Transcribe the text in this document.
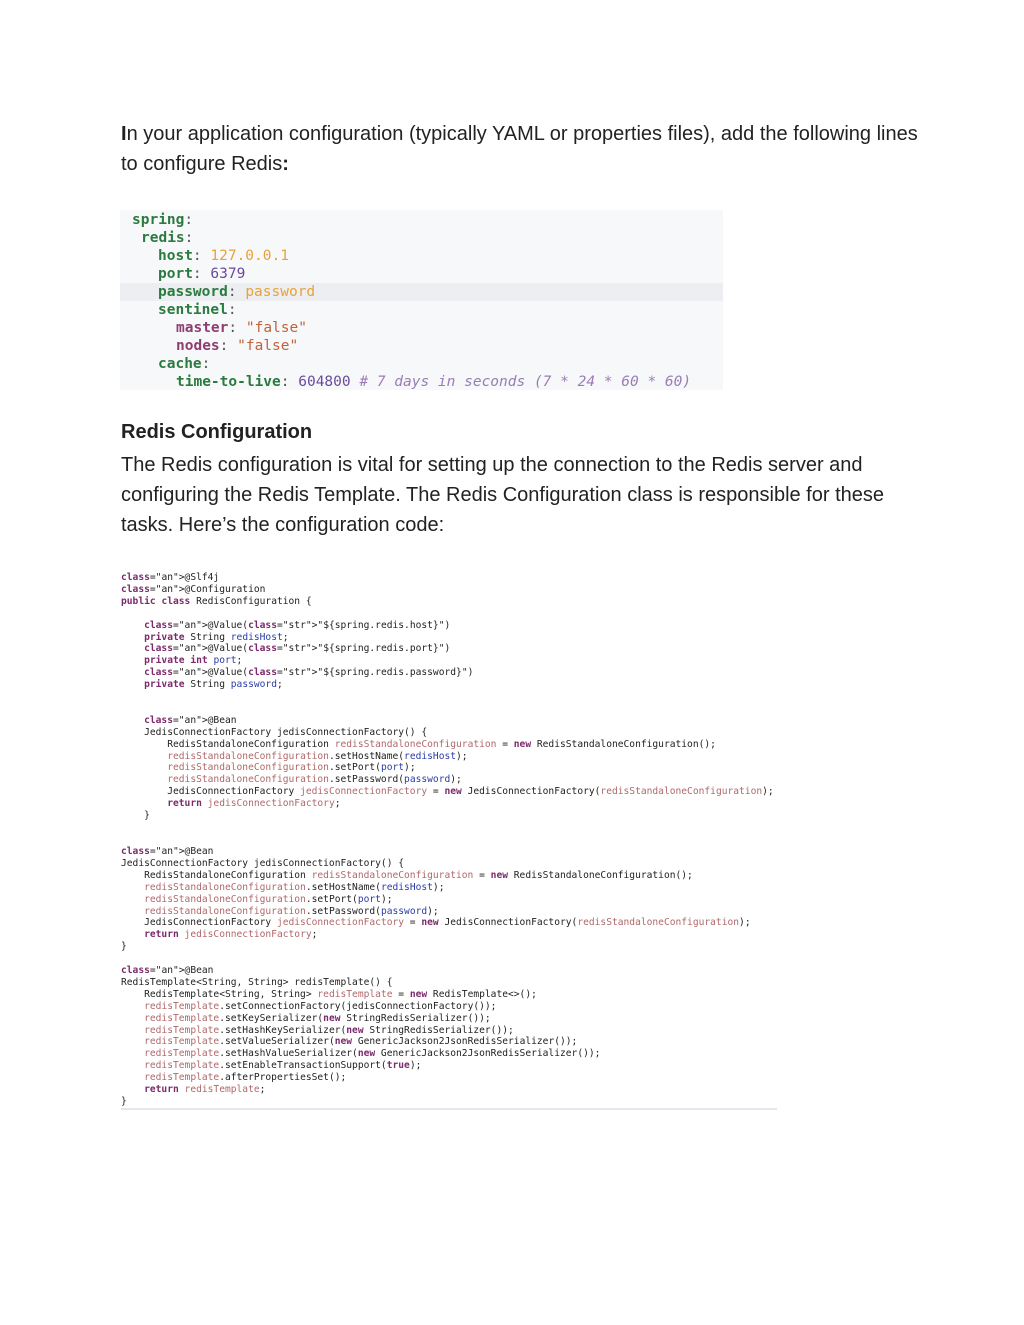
In your application configuration (typically YAML or properties files), add the following lines to configure Redis:
spring:
redis:
host: 127.0.0.1
port: 6379
password: password
sentinel:
master: "false"
nodes: "false"
cache:
time-to-live: 604800 # 7 days in seconds (7 * 24 * 60 * 60)
Redis Configuration
The Redis configuration is vital for setting up the connection to the Redis server and configuring the Redis Template. The Redis Configuration class is responsible for these tasks. Here’s the configuration code:
class="an">@Slf4j
class="an">@Configuration
public class RedisConfiguration {
class="an">@Value(class="str">"${spring.redis.host}")
private String redisHost;
class="an">@Value(class="str">"${spring.redis.port}")
private int port;
class="an">@Value(class="str">"${spring.redis.password}")
private String password;
class="an">@Bean
JedisConnectionFactory jedisConnectionFactory() {
RedisStandaloneConfiguration redisStandaloneConfiguration = new RedisStandaloneConfiguration();
redisStandaloneConfiguration.setHostName(redisHost);
redisStandaloneConfiguration.setPort(port);
redisStandaloneConfiguration.setPassword(password);
JedisConnectionFactory jedisConnectionFactory = new JedisConnectionFactory(redisStandaloneConfiguration);
return jedisConnectionFactory;
}
class="an">@Bean
JedisConnectionFactory jedisConnectionFactory() {
RedisStandaloneConfiguration redisStandaloneConfiguration = new RedisStandaloneConfiguration();
redisStandaloneConfiguration.setHostName(redisHost);
redisStandaloneConfiguration.setPort(port);
redisStandaloneConfiguration.setPassword(password);
JedisConnectionFactory jedisConnectionFactory = new JedisConnectionFactory(redisStandaloneConfiguration);
return jedisConnectionFactory;
}
class="an">@Bean
RedisTemplate<String, String> redisTemplate() {
RedisTemplate<String, String> redisTemplate = new RedisTemplate<>();
redisTemplate.setConnectionFactory(jedisConnectionFactory());
redisTemplate.setKeySerializer(new StringRedisSerializer());
redisTemplate.setHashKeySerializer(new StringRedisSerializer());
redisTemplate.setValueSerializer(new GenericJackson2JsonRedisSerializer());
redisTemplate.setHashValueSerializer(new GenericJackson2JsonRedisSerializer());
redisTemplate.setEnableTransactionSupport(true);
redisTemplate.afterPropertiesSet();
return redisTemplate;
}
